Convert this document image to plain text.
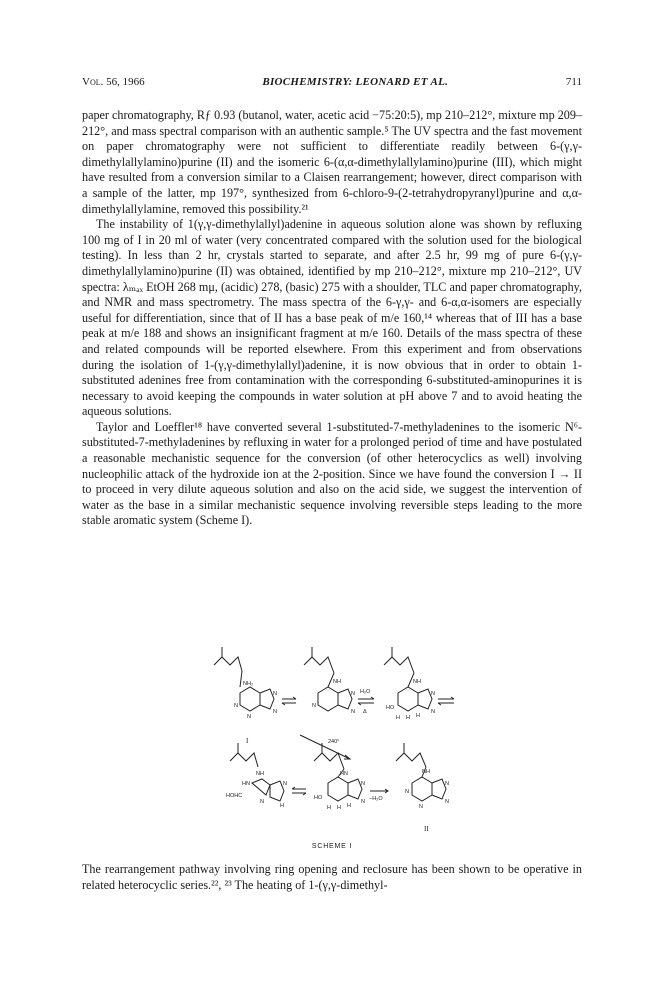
Vol. 56, 1966	BIOCHEMISTRY: LEONARD ET AL.	711

paper chromatography, Rƒ 0.93 (butanol, water, acetic acid −75:20:5), mp 210–212°, mixture mp 209–212°, and mass spectral comparison with an authentic sample.⁵ The UV spectra and the fast movement on paper chromatography were not sufficient to differentiate readily between 6-(γ,γ-dimethylallylamino)purine (II) and the isomeric 6-(α,α-dimethylallylamino)purine (III), which might have resulted from a conversion similar to a Claisen rearrangement; however, direct comparison with a sample of the latter, mp 197°, synthesized from 6-chloro-9-(2-tetrahydropyranyl)purine and α,α-dimethylallylamine, removed this possibility.²¹

The instability of 1(γ,γ-dimethylallyl)adenine in aqueous solution alone was shown by refluxing 100 mg of I in 20 ml of water (very concentrated compared with the solution used for the biological testing). In less than 2 hr, crystals started to separate, and after 2.5 hr, 99 mg of pure 6-(γ,γ-dimethylallylamino)purine (II) was obtained, identified by mp 210–212°, mixture mp 210–212°, UV spectra: λₘₐₓ EtOH 268 mμ, (acidic) 278, (basic) 275 with a shoulder, TLC and paper chromatography, and NMR and mass spectrometry. The mass spectra of the 6-γ,γ- and 6-α,α-isomers are especially useful for differentiation, since that of II has a base peak of m/e 160,¹⁴ whereas that of III has a base peak at m/e 188 and shows an insignificant fragment at m/e 160. Details of the mass spectra of these and related compounds will be reported elsewhere. From this experiment and from observations during the isolation of 1-(γ,γ-dimethylallyl)adenine, it is now obvious that in order to obtain 1-substituted adenines free from contamination with the corresponding 6-substituted-aminopurines it is necessary to avoid keeping the compounds in water solution at pH above 7 and to avoid heating the aqueous solutions.

Taylor and Loeffler¹⁸ have converted several 1-substituted-7-methyladenines to the isomeric N⁶-substituted-7-methyladenines by refluxing in water for a prolonged period of time and have postulated a reasonable mechanistic sequence for the conversion (of other heterocyclics as well) involving nucleophilic attack of the hydroxide ion at the 2-position. Since we have found the conversion I → II to proceed in very dilute aqueous solution and also on the acid side, we suggest the intervention of water as the base in a similar mechanistic sequence involving reversible steps leading to the more stable aromatic system (Scheme I).

NH₂
N
N
N
N
I
NH
N
N
N
H₂O
Δ
NH
HO
H H H
N
N
240°
NH
HN
HOHC
N
N
H
HN
HO
H H H
N
N −H₂O
NH
N
N
N
N
II
SCHEME I

The rearrangement pathway involving ring opening and reclosure has been shown to be operative in related heterocyclic series.²², ²³ The heating of 1-(γ,γ-dimethyl-
